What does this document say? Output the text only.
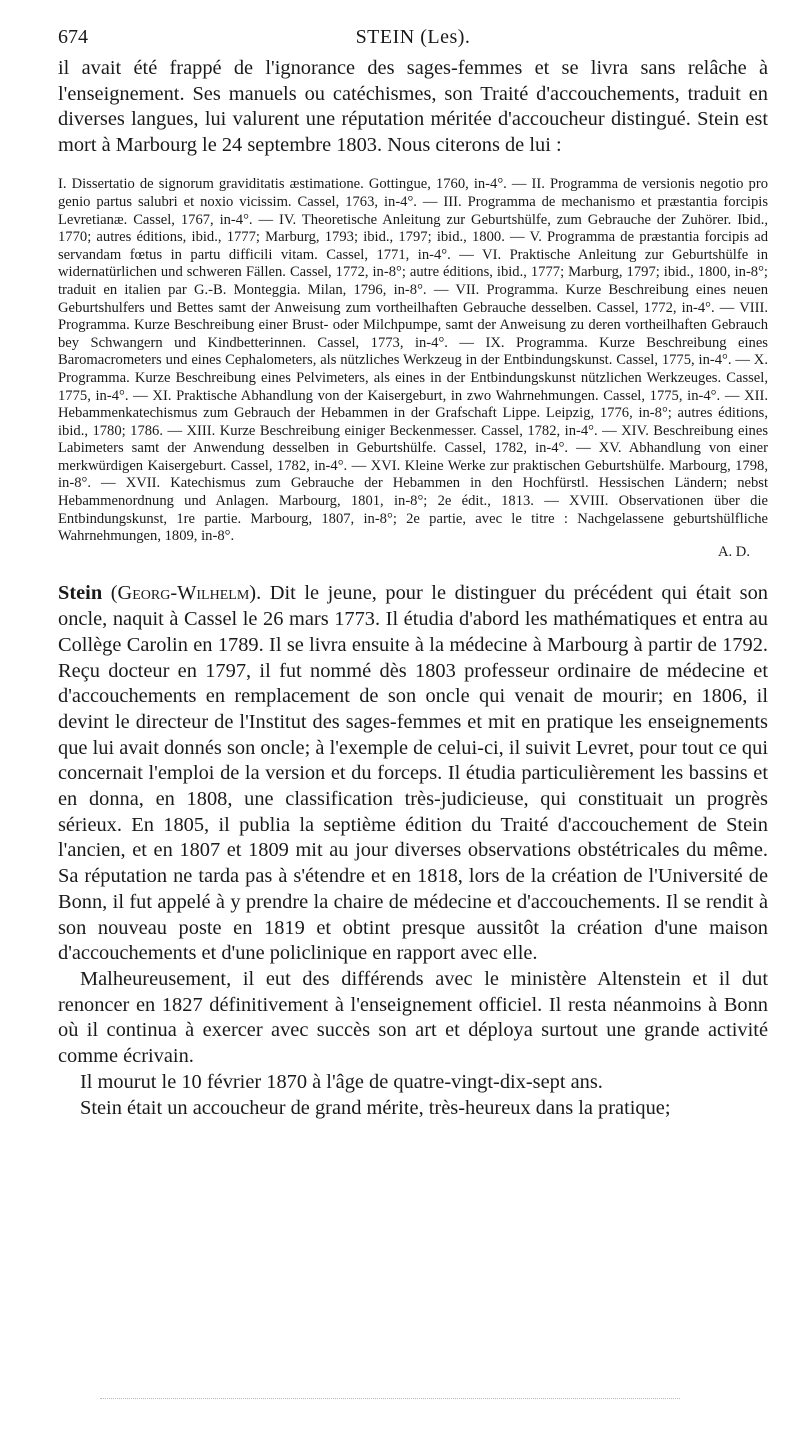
674	STEIN (Les).

il avait été frappé de l'ignorance des sages-femmes et se livra sans relâche à l'enseignement. Ses manuels ou catéchismes, son Traité d'accouchements, traduit en diverses langues, lui valurent une réputation méritée d'accoucheur distingué. Stein est mort à Marbourg le 24 septembre 1803. Nous citerons de lui :

I. Dissertatio de signorum graviditatis æstimatione. Gottingue, 1760, in-4°. — II. Programma de versionis negotio pro genio partus salubri et noxio vicissim. Cassel, 1763, in-4°. — III. Programma de mechanismo et præstantia forcipis Levretianæ. Cassel, 1767, in-4°. — IV. Theoretische Anleitung zur Geburtshülfe, zum Gebrauche der Zuhörer. Ibid., 1770; autres éditions, ibid., 1777; Marburg, 1793; ibid., 1797; ibid., 1800. — V. Programma de præstantia forcipis ad servandam fœtus in partu difficili vitam. Cassel, 1771, in-4°. — VI. Praktische Anleitung zur Geburtshülfe in widernatürlichen und schweren Fällen. Cassel, 1772, in-8°; autre éditions, ibid., 1777; Marburg, 1797; ibid., 1800, in-8°; traduit en italien par G.-B. Monteggia. Milan, 1796, in-8°. — VII. Programma. Kurze Beschreibung eines neuen Geburtshulfers und Bettes samt der Anweisung zum vortheilhaften Gebrauche desselben. Cassel, 1772, in-4°. — VIII. Programma. Kurze Beschreibung einer Brust- oder Milchpumpe, samt der Anweisung zu deren vortheilhaften Gebrauch bey Schwangern und Kindbetterinnen. Cassel, 1773, in-4°. — IX. Programma. Kurze Beschreibung eines Baromacrometers und eines Cephalometers, als nützliches Werkzeug in der Entbindungskunst. Cassel, 1775, in-4°. — X. Programma. Kurze Beschreibung eines Pelvimeters, als eines in der Entbindungskunst nützlichen Werkzeuges. Cassel, 1775, in-4°. — XI. Praktische Abhandlung von der Kaisergeburt, in zwo Wahrnehmungen. Cassel, 1775, in-4°. — XII. Hebammenkatechismus zum Gebrauch der Hebammen in der Grafschaft Lippe. Leipzig, 1776, in-8°; autres éditions, ibid., 1780; 1786. — XIII. Kurze Beschreibung einiger Beckenmesser. Cassel, 1782, in-4°. — XIV. Beschreibung eines Labimeters samt der Anwendung desselben in Geburtshülfe. Cassel, 1782, in-4°. — XV. Abhandlung von einer merkwürdigen Kaisergeburt. Cassel, 1782, in-4°. — XVI. Kleine Werke zur praktischen Geburtshülfe. Marbourg, 1798, in-8°. — XVII. Katechismus zum Gebrauche der Hebammen in den Hochfürstl. Hessischen Ländern; nebst Hebammenordnung und Anlagen. Marbourg, 1801, in-8°; 2e édit., 1813. — XVIII. Observationen über die Entbindungskunst, 1re partie. Marbourg, 1807, in-8°; 2e partie, avec le titre : Nachgelassene geburtshülfliche Wahrnehmungen, 1809, in-8°.

A. D.

Stein (Georg-Wilhelm). Dit le jeune, pour le distinguer du précédent qui était son oncle, naquit à Cassel le 26 mars 1773. Il étudia d'abord les mathématiques et entra au Collège Carolin en 1789. Il se livra ensuite à la médecine à Marbourg à partir de 1792. Reçu docteur en 1797, il fut nommé dès 1803 professeur ordinaire de médecine et d'accouchements en remplacement de son oncle qui venait de mourir; en 1806, il devint le directeur de l'Institut des sages-femmes et mit en pratique les enseignements que lui avait donnés son oncle; à l'exemple de celui-ci, il suivit Levret, pour tout ce qui concernait l'emploi de la version et du forceps. Il étudia particulièrement les bassins et en donna, en 1808, une classification très-judicieuse, qui constituait un progrès sérieux. En 1805, il publia la septième édition du Traité d'accouchement de Stein l'ancien, et en 1807 et 1809 mit au jour diverses observations obstétricales du même. Sa réputation ne tarda pas à s'étendre et en 1818, lors de la création de l'Université de Bonn, il fut appelé à y prendre la chaire de médecine et d'accouchements. Il se rendit à son nouveau poste en 1819 et obtint presque aussitôt la création d'une maison d'accouchements et d'une policlinique en rapport avec elle.

Malheureusement, il eut des différends avec le ministère Altenstein et il dut renoncer en 1827 définitivement à l'enseignement officiel. Il resta néanmoins à Bonn où il continua à exercer avec succès son art et déploya surtout une grande activité comme écrivain.

Il mourut le 10 février 1870 à l'âge de quatre-vingt-dix-sept ans.

Stein était un accoucheur de grand mérite, très-heureux dans la pratique;
